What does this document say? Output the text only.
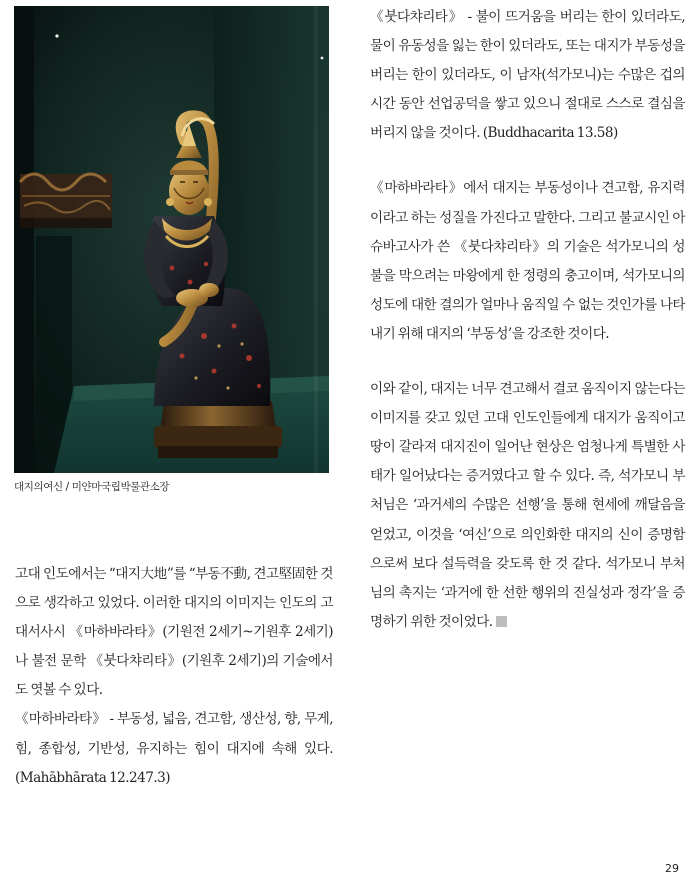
대지의여신 / 미얀마국립박물관소장

고대 인도에서는 “대지大地”를 “부동不動, 견고堅固한 것으로 생각하고 있었다. 이러한 대지의 이미지는 인도의 고대서사시 《마하바라타》(기원전 2세기~기원후 2세기)나 불전 문학 《붓다챠리타》(기원후 2세기)의 기술에서도 엿볼 수 있다.

《마하바라타》 - 부동성, 넓음, 견고함, 생산성, 향, 무게, 힘, 종합성, 기반성, 유지하는 힘이 대지에 속해 있다.(Mahābhārata 12.247.3)

《붓다챠리타》 - 불이 뜨거움을 버리는 한이 있더라도, 물이 유동성을 잃는 한이 있더라도, 또는 대지가 부동성을 버리는 한이 있더라도, 이 남자(석가모니)는 수많은 겁의 시간 동안 선업공덕을 쌓고 있으니 절대로 스스로 결심을 버리지 않을 것이다. (Buddhacarita 13.58)

《마하바라타》에서 대지는 부동성이나 견고함, 유지력이라고 하는 성질을 가진다고 말한다. 그리고 불교시인 아슈바고사가 쓴 《붓다챠리타》의 기술은 석가모니의 성불을 막으려는 마왕에게 한 정령의 충고이며, 석가모니의 성도에 대한 결의가 얼마나 움직일 수 없는 것인가를 나타내기 위해 대지의 ‘부동성’을 강조한 것이다.

이와 같이, 대지는 너무 견고해서 결코 움직이지 않는다는 이미지를 갖고 있던 고대 인도인들에게 대지가 움직이고 땅이 갈라져 대지진이 일어난 현상은 엄청나게 특별한 사태가 일어났다는 증거였다고 할 수 있다. 즉, 석가모니 부처님은 ‘과거세의 수많은 선행’을 통해 현세에 깨달음을 얻었고, 이것을 ‘여신’으로 의인화한 대지의 신이 증명함으로써 보다 설득력을 갖도록 한 것 같다. 석가모니 부처님의 촉지는 ‘과거에 한 선한 행위의 진실성과 정각’을 증명하기 위한 것이었다.

29
